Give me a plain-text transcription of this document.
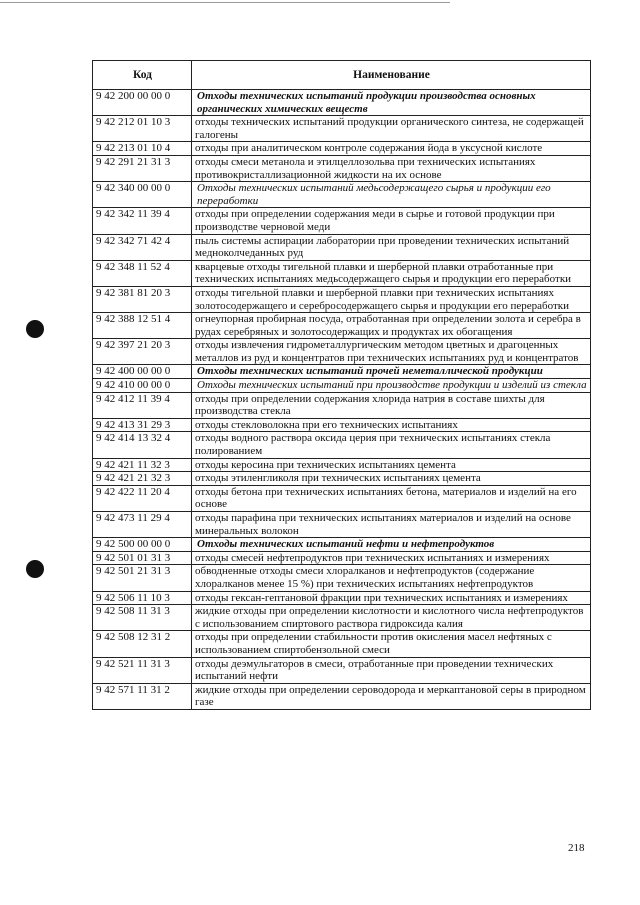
Код	Наименование
9 42 200 00 00 0	Отходы технических испытаний продукции производства основных органических химических веществ
9 42 212 01 10 3	отходы технических испытаний продукции органического синтеза, не содержащей галогены
9 42 213 01 10 4	отходы при аналитическом контроле содержания йода в уксусной кислоте
9 42 291 21 31 3	отходы смеси метанола и этилцеллозольва при технических испытаниях противокристаллизационной жидкости на их основе
9 42 340 00 00 0	Отходы технических испытаний медьсодержащего сырья и продукции его переработки
9 42 342 11 39 4	отходы при определении содержания меди в сырье и готовой продукции при производстве черновой меди
9 42 342 71 42 4	пыль системы аспирации лаборатории при проведении технических испытаний медноколчеданных руд
9 42 348 11 52 4	кварцевые отходы тигельной плавки и шерберной плавки отработанные при технических испытаниях медьсодержащего сырья и продукции его переработки
9 42 381 81 20 3	отходы тигельной плавки и шерберной плавки при технических испытаниях золотосодержащего и серебросодержащего сырья и продукции его переработки
9 42 388 12 51 4	огнеупорная пробирная посуда, отработанная при определении золота и серебра в рудах серебряных и золотосодержащих и продуктах их обогащения
9 42 397 21 20 3	отходы извлечения гидрометаллургическим методом цветных и драгоценных металлов из руд и концентратов при технических испытаниях руд и концентратов
9 42 400 00 00 0	Отходы технических испытаний прочей неметаллической продукции
9 42 410 00 00 0	Отходы технических испытаний при производстве продукции и изделий из стекла
9 42 412 11 39 4	отходы при определении содержания хлорида натрия в составе шихты для производства стекла
9 42 413 31 29 3	отходы стекловолокна при его технических испытаниях
9 42 414 13 32 4	отходы водного раствора оксида церия при технических испытаниях стекла полированием
9 42 421 11 32 3	отходы керосина при технических испытаниях цемента
9 42 421 21 32 3	отходы этиленгликоля при технических испытаниях цемента
9 42 422 11 20 4	отходы бетона при технических испытаниях бетона, материалов и изделий на его основе
9 42 473 11 29 4	отходы парафина при технических испытаниях материалов и изделий на основе минеральных волокон
9 42 500 00 00 0	Отходы технических испытаний нефти и нефтепродуктов
9 42 501 01 31 3	отходы смесей нефтепродуктов при технических испытаниях и измерениях
9 42 501 21 31 3	обводненные отходы смеси хлоралканов и нефтепродуктов (содержание хлоралканов менее 15 %) при технических испытаниях нефтепродуктов
9 42 506 11 10 3	отходы гексан-гептановой фракции при технических испытаниях и измерениях
9 42 508 11 31 3	жидкие отходы при определении кислотности и кислотного числа нефтепродуктов с использованием спиртового раствора гидроксида калия
9 42 508 12 31 2	отходы при определении стабильности против окисления масел нефтяных с использованием спиртобензольной смеси
9 42 521 11 31 3	отходы деэмульгаторов в смеси, отработанные при проведении технических испытаний нефти
9 42 571 11 31 2	жидкие отходы при определении сероводорода и меркаптановой серы в природном газе
218
